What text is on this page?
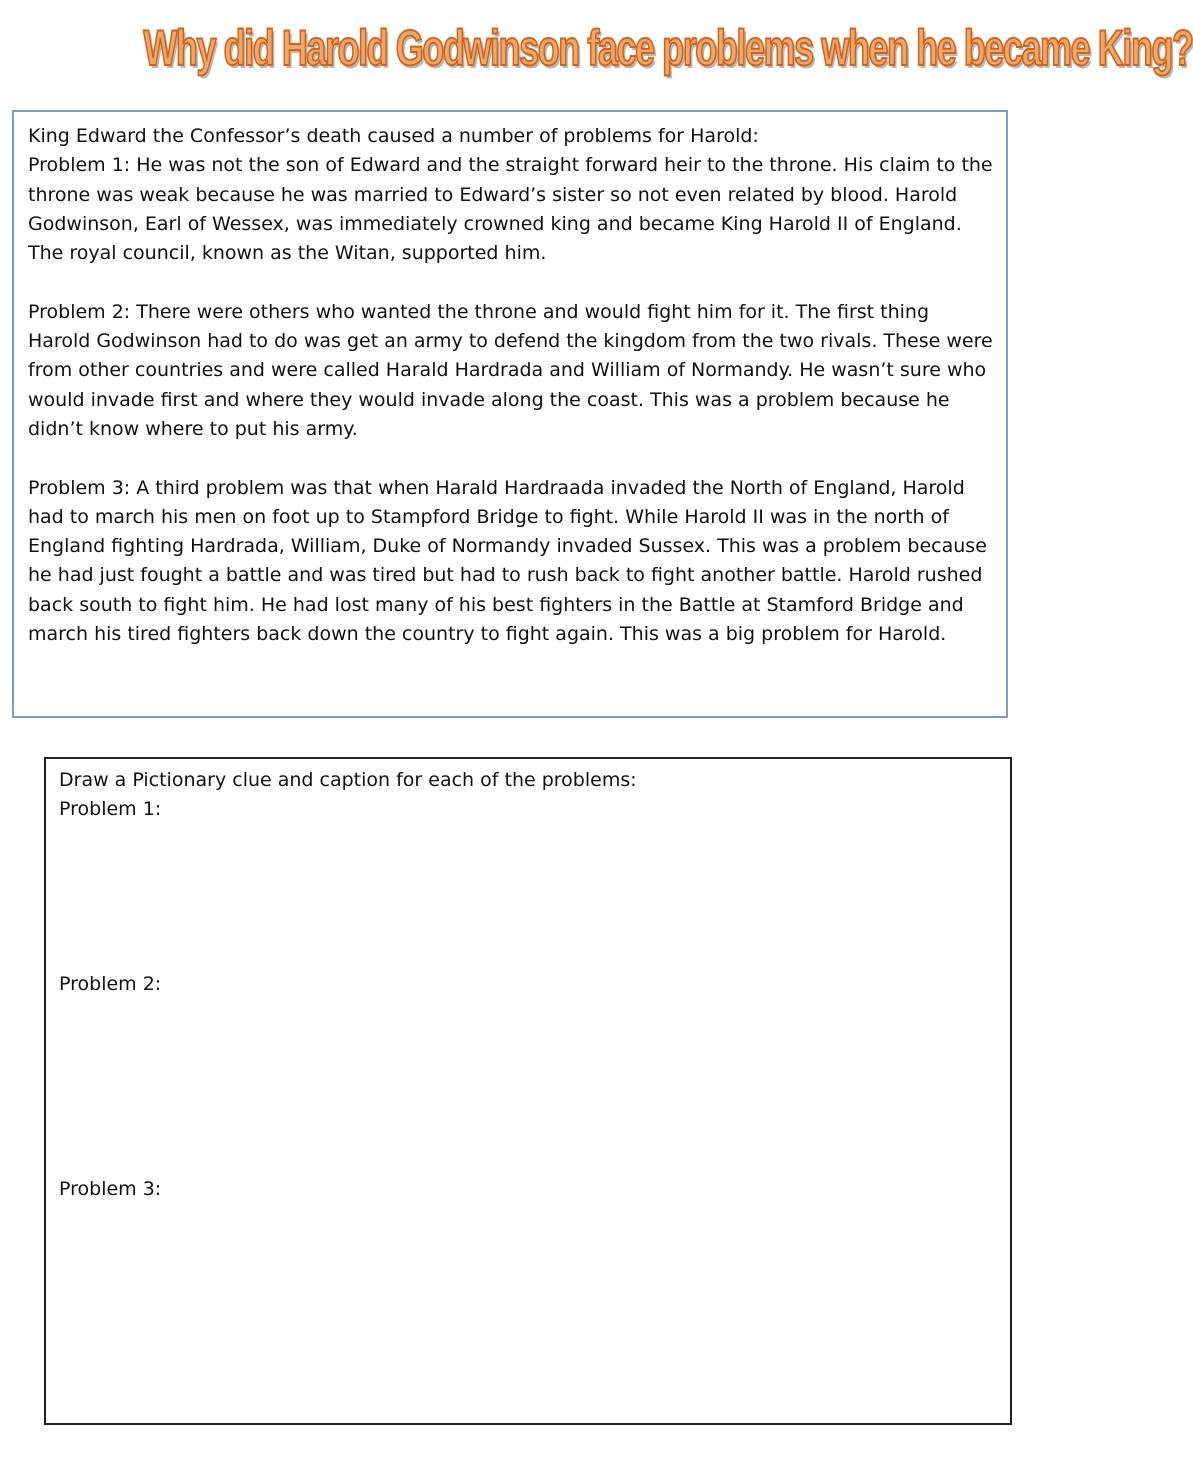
Why did Harold Godwinson face problems when he became King?

King Edward the Confessor’s death caused a number of problems for Harold:

Problem 1: He was not the son of Edward and the straight forward heir to the throne. His claim to the throne was weak because he was married to Edward’s sister so not even related by blood. Harold Godwinson, Earl of Wessex, was immediately crowned king and became King Harold II of England. The royal council, known as the Witan, supported him.

Problem 2: There were others who wanted the throne and would fight him for it. The first thing Harold Godwinson had to do was get an army to defend the kingdom from the two rivals. These were from other countries and were called Harald Hardrada and William of Normandy. He wasn’t sure who would invade first and where they would invade along the coast. This was a problem because he didn’t know where to put his army.

Problem 3: A third problem was that when Harald Hardraada invaded the North of England, Harold had to march his men on foot up to Stampford Bridge to fight. While Harold II was in the north of England fighting Hardrada, William, Duke of Normandy invaded Sussex. This was a problem because he had just fought a battle and was tired but had to rush back to fight another battle. Harold rushed back south to fight him. He had lost many of his best fighters in the Battle at Stamford Bridge and march his tired fighters back down the country to fight again. This was a big problem for Harold.

Draw a Pictionary clue and caption for each of the problems:
Problem 1:
Problem 2:
Problem 3:
